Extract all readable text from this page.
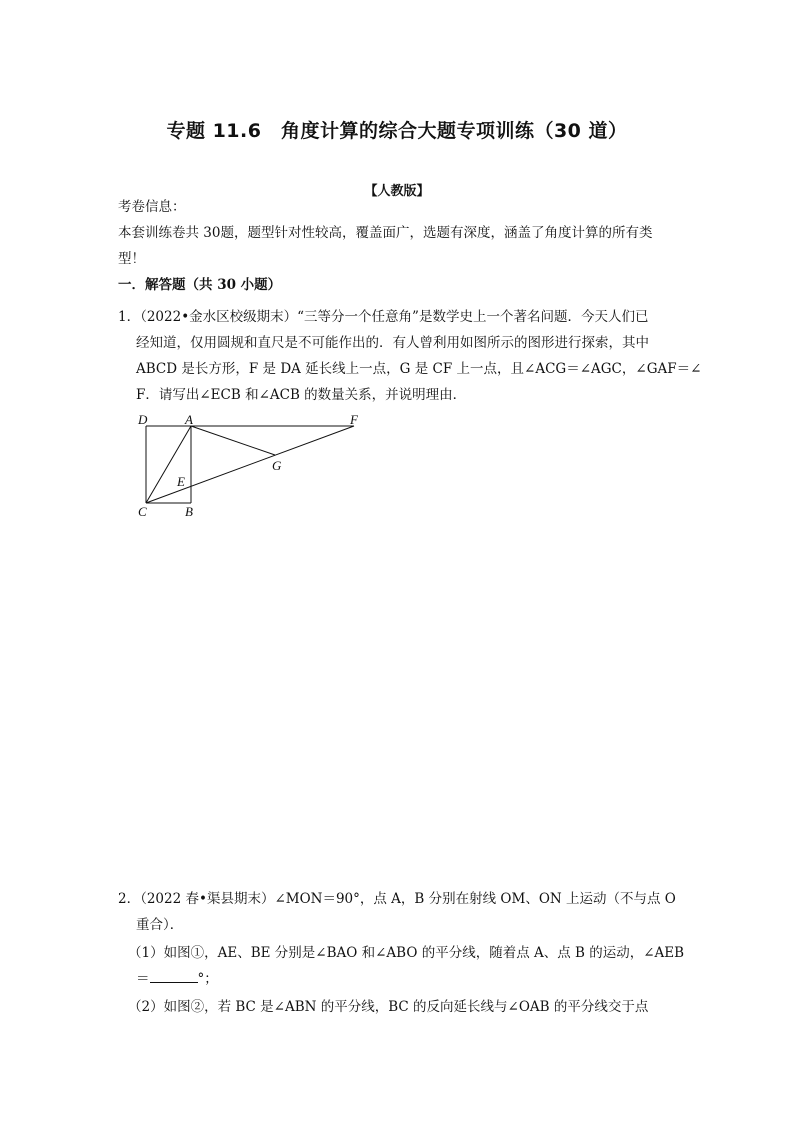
专题 11.6　角度计算的综合大题专项训练（30 道）
【人教版】
考卷信息：
本套训练卷共 30题，题型针对性较高，覆盖面广，选题有深度，涵盖了角度计算的所有类
型！
一．解答题（共 30 小题）
1．（2022•金水区校级期末）“三等分一个任意角”是数学史上一个著名问题．今天人们已
经知道，仅用圆规和直尺是不可能作出的．有人曾利用如图所示的图形进行探索，其中
ABCD 是长方形，F 是 DA 延长线上一点，G 是 CF 上一点，且∠ACG＝∠AGC，∠GAF＝∠
F．请写出∠ECB 和∠ACB 的数量关系，并说明理由．
D	A	F
G
E
C	B
2．（2022 春•渠县期末）∠MON＝90°，点 A，B 分别在射线 OM、ON 上运动（不与点 O
重合）．
（1）如图①，AE、BE 分别是∠BAO 和∠ABO 的平分线，随着点 A、点 B 的运动，∠AEB
＝	°；
（2）如图②，若 BC 是∠ABN 的平分线，BC 的反向延长线与∠OAB 的平分线交于点
